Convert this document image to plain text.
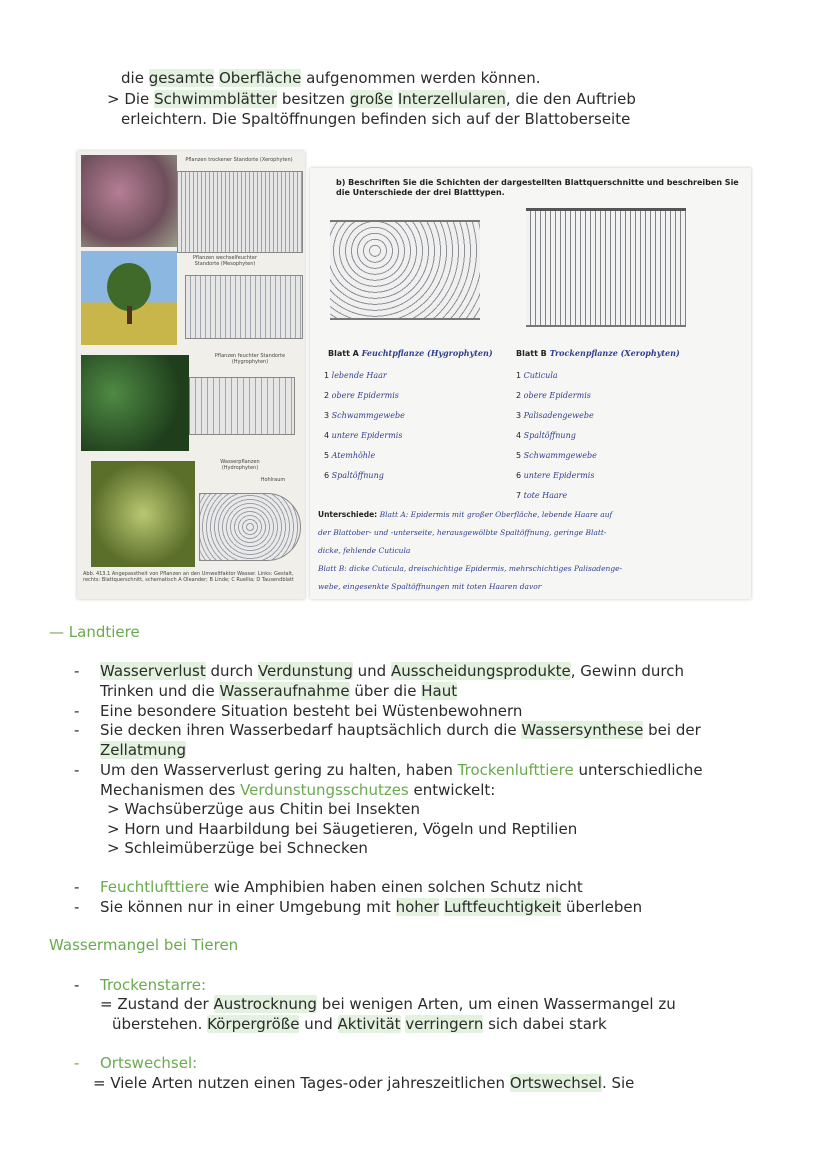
die gesamte Oberfläche aufgenommen werden können.
> Die Schwimmblätter besitzen große Interzellularen, die den Auftrieb
erleichtern. Die Spaltöffnungen befinden sich auf der Blattoberseite
Pflanzen trockener Standorte (Xerophyten)
Pflanzen wechselfeuchter Standorte (Mesophyten)
Pflanzen feuchter Standorte (Hygrophyten)
Wasserpflanzen (Hydrophyten)
Hohlraum
Abb. 413.1 Angepasstheit von Pflanzen an den Umweltfaktor Wasser. Links: Gestalt, rechts: Blattquerschnitt, schematisch A Oleander; B Linde; C Ruellia; D Tausendblatt
b) Beschriften Sie die Schichten der dargestellten Blattquerschnitte und beschreiben Sie die Unterschiede der drei Blatttypen.
Blatt A Feuchtpflanze (Hygrophyten)	Blatt B Trockenpflanze (Xerophyten)
1 lebende Haar
2 obere Epidermis
3 Schwammgewebe
4 untere Epidermis
5 Atemhöhle
6 Spaltöffnung
1 Cuticula
2 obere Epidermis
3 Palisadengewebe
4 Spaltöffnung
5 Schwammgewebe
6 untere Epidermis
7 tote Haare
Unterschiede: Blatt A: Epidermis mit großer Oberfläche, lebende Haare auf
der Blattober- und -unterseite, herausgewölbte Spaltöffnung, geringe Blatt-
dicke, fehlende Cuticula
Blatt B: dicke Cuticula, dreischichtige Epidermis, mehrschichtiges Palisadenge-
webe, eingesenkte Spaltöffnungen mit toten Haaren davor
— Landtiere
Wasserverlust durch Verdunstung und Ausscheidungsprodukte, Gewinn durch
-
Trinken und die Wasseraufnahme über die Haut
- Eine besondere Situation besteht bei Wüstenbewohnern
- Sie decken ihren Wasserbedarf hauptsächlich durch die Wassersynthese bei der
Zellatmung
- Um den Wasserverlust gering zu halten, haben Trockenlufttiere unterschiedliche
Mechanismen des Verdunstungsschutzes entwickelt:
> Wachsüberzüge aus Chitin bei Insekten
> Horn und Haarbildung bei Säugetieren, Vögeln und Reptilien
> Schleimüberzüge bei Schnecken
- Feuchtlufttiere wie Amphibien haben einen solchen Schutz nicht
- Sie können nur in einer Umgebung mit hoher Luftfeuchtigkeit überleben
Wassermangel bei Tieren
- Trockenstarre:
= Zustand der Austrocknung bei wenigen Arten, um einen Wassermangel zu
überstehen. Körpergröße und Aktivität verringern sich dabei stark
- Ortswechsel:
= Viele Arten nutzen einen Tages-oder jahreszeitlichen Ortswechsel. Sie
